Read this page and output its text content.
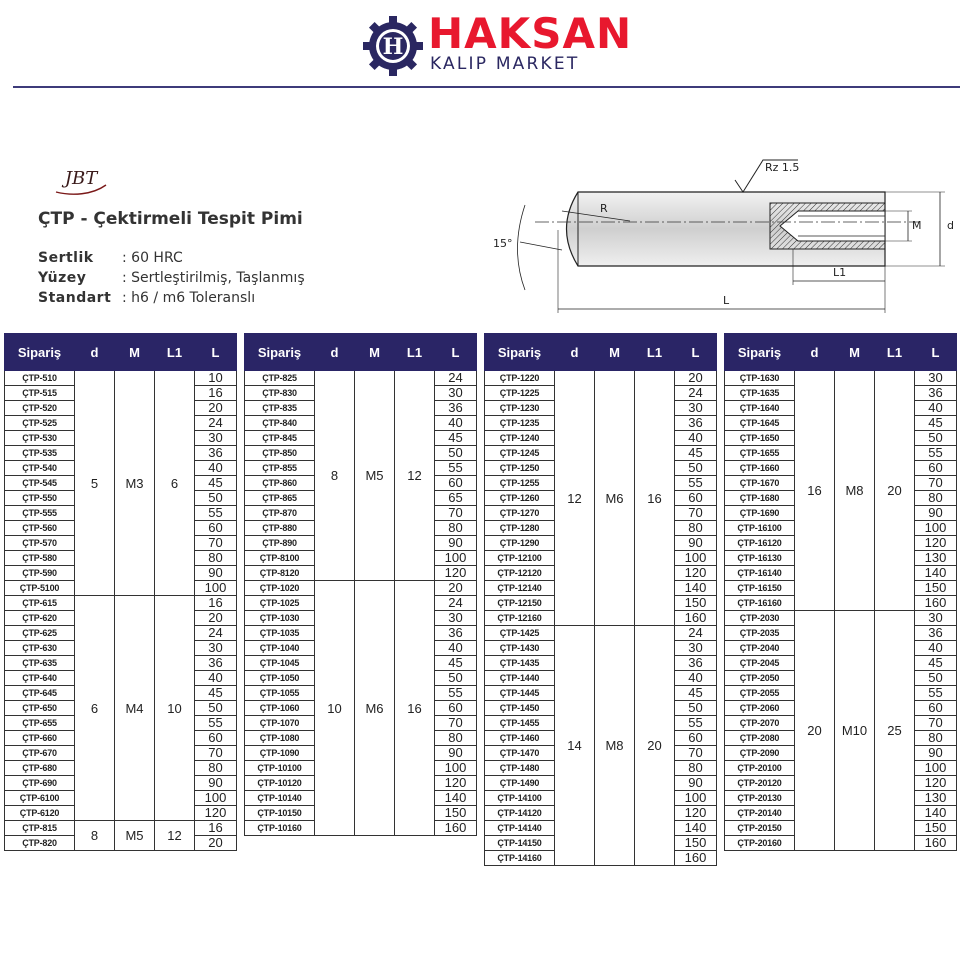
H HAKSAN
KALIP MARKET
JBT
ÇTP - Çektirmeli Tespit Pimi
Sertlik : 60 HRC
Yüzey	: Sertleştirilmiş, Taşlanmış
Standart : h6 / m6 Toleranslı
R
15°
Rz 1.5
M d
L1
L
Sipariş	d	M	L1	L
ÇTP-510	5	M3	6	10
ÇTP-515				16
ÇTP-520				20
ÇTP-525				24
ÇTP-530				30
ÇTP-535				36
ÇTP-540				40
ÇTP-545				45
ÇTP-550				50
ÇTP-555				55
ÇTP-560				60
ÇTP-570				70
ÇTP-580				80
ÇTP-590				90
ÇTP-5100				100
ÇTP-615	6	M4	10	16
ÇTP-620				20
ÇTP-625				24
ÇTP-630				30
ÇTP-635				36
ÇTP-640				40
ÇTP-645				45
ÇTP-650				50
ÇTP-655				55
ÇTP-660				60
ÇTP-670				70
ÇTP-680				80
ÇTP-690				90
ÇTP-6100				100
ÇTP-6120				120
ÇTP-815	8	M5	12	16
ÇTP-820				20
Sipariş	d	M	L1	L
ÇTP-825	8	M5	12	24
ÇTP-830				30
ÇTP-835				36
ÇTP-840				40
ÇTP-845				45
ÇTP-850				50
ÇTP-855				55
ÇTP-860				60
ÇTP-865				65
ÇTP-870				70
ÇTP-880				80
ÇTP-890				90
ÇTP-8100				100
ÇTP-8120				120
ÇTP-1020	10	M6	16	20
ÇTP-1025				24
ÇTP-1030				30
ÇTP-1035				36
ÇTP-1040				40
ÇTP-1045				45
ÇTP-1050				50
ÇTP-1055				55
ÇTP-1060				60
ÇTP-1070				70
ÇTP-1080				80
ÇTP-1090				90
ÇTP-10100				100
ÇTP-10120				120
ÇTP-10140				140
ÇTP-10150				150
ÇTP-10160				160
Sipariş	d	M	L1	L
ÇTP-1220	12	M6	16	20
ÇTP-1225				24
ÇTP-1230				30
ÇTP-1235				36
ÇTP-1240				40
ÇTP-1245				45
ÇTP-1250				50
ÇTP-1255				55
ÇTP-1260				60
ÇTP-1270				70
ÇTP-1280				80
ÇTP-1290				90
ÇTP-12100				100
ÇTP-12120				120
ÇTP-12140				140
ÇTP-12150				150
ÇTP-12160				160
ÇTP-1425	14	M8	20	24
ÇTP-1430				30
ÇTP-1435				36
ÇTP-1440				40
ÇTP-1445				45
ÇTP-1450				50
ÇTP-1455				55
ÇTP-1460				60
ÇTP-1470				70
ÇTP-1480				80
ÇTP-1490				90
ÇTP-14100				100
ÇTP-14120				120
ÇTP-14140				140
ÇTP-14150				150
ÇTP-14160				160
Sipariş	d	M	L1	L
ÇTP-1630	16	M8	20	30
ÇTP-1635				36
ÇTP-1640				40
ÇTP-1645				45
ÇTP-1650				50
ÇTP-1655				55
ÇTP-1660				60
ÇTP-1670				70
ÇTP-1680				80
ÇTP-1690				90
ÇTP-16100				100
ÇTP-16120				120
ÇTP-16130				130
ÇTP-16140				140
ÇTP-16150				150
ÇTP-16160				160
ÇTP-2030	20	M10	25	30
ÇTP-2035				36
ÇTP-2040				40
ÇTP-2045				45
ÇTP-2050				50
ÇTP-2055				55
ÇTP-2060				60
ÇTP-2070				70
ÇTP-2080				80
ÇTP-2090				90
ÇTP-20100				100
ÇTP-20120				120
ÇTP-20130				130
ÇTP-20140				140
ÇTP-20150				150
ÇTP-20160				160
